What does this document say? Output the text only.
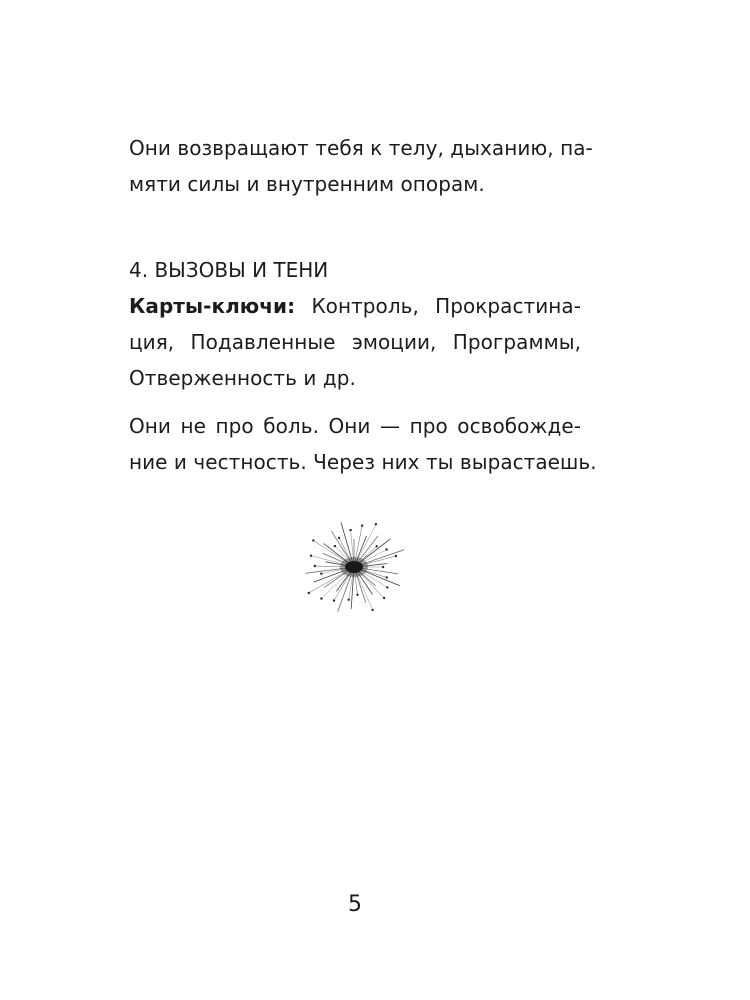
Они возвращают тебя к телу, дыханию, па-
мяти силы и внутренним опорам.
4. ВЫЗОВЫ И ТЕНИ
Карты-ключи: Контроль, Прокрастина-
ция, Подавленные эмоции, Программы,
Отверженность и др.
Они не про боль. Они — про освобожде-
ние и честность. Через них ты вырастаешь.
5
